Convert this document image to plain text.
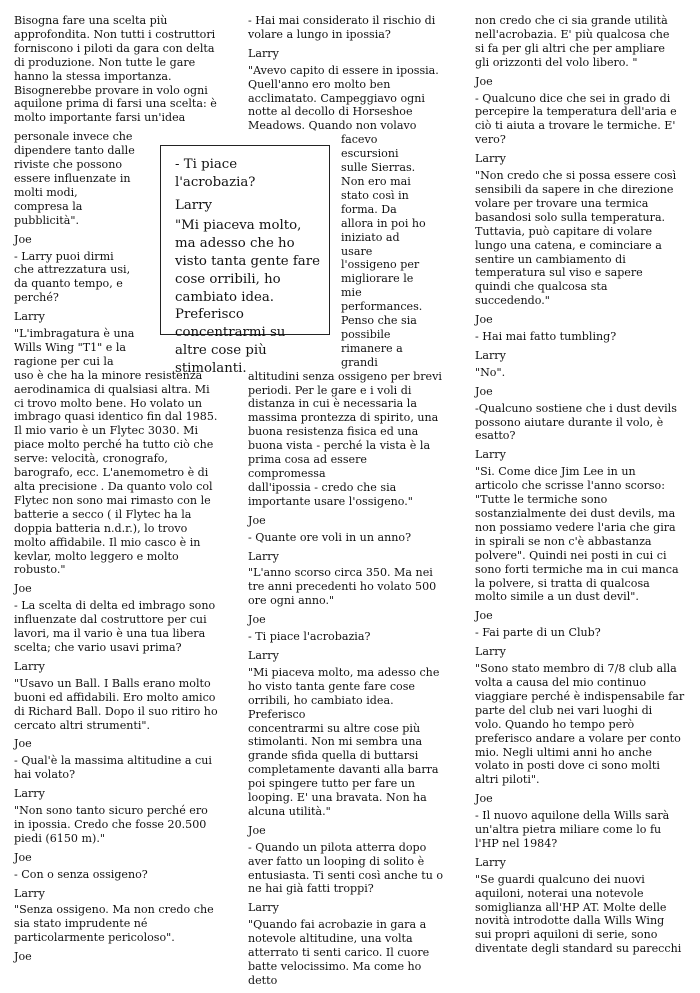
Bisogna fare una scelta più
approfondita. Non tutti i costruttori
forniscono i piloti da gara con delta
di produzione. Non tutte le gare
hanno la stessa importanza.
Bisognerebbe provare in volo ogni
aquilone prima di farsi una scelta: è
molto importante farsi un'idea
personale invece che
dipendere tanto dalle
riviste che possono
essere influenzate in
molti modi,
compresa la
pubblicità".
Joe
- Larry puoi dirmi
che attrezzatura usi,
da quanto tempo, e
perché?
Larry
"L'imbragatura è una
Wills Wing "T1" e la
ragione per cui la
uso è che ha la minore resistenza
aerodinamica di qualsiasi altra. Mi
ci trovo molto bene. Ho volato un
imbrago quasi identico fin dal 1985.
Il mio vario è un Flytec 3030. Mi
piace molto perché ha tutto ciò che
serve: velocità, cronografo,
barografo, ecc. L'anemometro è di
alta precisione . Da quanto volo col
Flytec non sono mai rimasto con le
batterie a secco ( il Flytec ha la
doppia batteria n.d.r.), lo trovo
molto affidabile. Il mio casco è in
kevlar, molto leggero e molto
robusto."
Joe
- La scelta di delta ed imbrago sono
influenzate dal costruttore per cui
lavori, ma il vario è una tua libera
scelta; che vario usavi prima?
Larry
"Usavo un Ball. I Balls erano molto
buoni ed affidabili. Ero molto amico
di Richard Ball. Dopo il suo ritiro ho
cercato altri strumenti".
Joe
- Qual'è la massima altitudine a cui
hai volato?
Larry
"Non sono tanto sicuro perché ero
in ipossia. Credo che fosse 20.500
piedi (6150 m)."
Joe
- Con o senza ossigeno?
Larry
"Senza ossigeno. Ma non credo che
sia stato imprudente né
particolarmente pericoloso".
Joe
- Hai mai considerato il rischio di
volare a lungo in ipossia?
Larry
"Avevo capito di essere in ipossia.
Quell'anno ero molto ben
acclimatato. Campeggiavo ogni
notte al decollo di Horseshoe
Meadows. Quando non volavo
facevo
escursioni
sulle Sierras.
Non ero mai
stato così in
forma. Da
allora in poi ho
iniziato ad
usare
l'ossigeno per
migliorare le
mie
performances.
Penso che sia
possibile
rimanere a
grandi
altitudini senza ossigeno per brevi
periodi. Per le gare e i voli di
distanza in cui è necessaria la
massima prontezza di spirito, una
buona resistenza fisica ed una
buona vista - perché la vista è la
prima cosa ad essere compromessa
dall'ipossia - credo che sia
importante usare l'ossigeno."
Joe
- Quante ore voli in un anno?
Larry
"L'anno scorso circa 350. Ma nei
tre anni precedenti ho volato 500
ore ogni anno."
Joe
- Ti piace l'acrobazia?
Larry
"Mi piaceva molto, ma adesso che
ho visto tanta gente fare cose
orribili, ho cambiato idea. Preferisco
concentrarmi su altre cose più
stimolanti. Non mi sembra una
grande sfida quella di buttarsi
completamente davanti alla barra
poi spingere tutto per fare un
looping. E' una bravata. Non ha
alcuna utilità."
Joe
- Quando un pilota atterra dopo
aver fatto un looping di solito è
entusiasta. Ti senti così anche tu o
ne hai già fatti troppi?
Larry
"Quando fai acrobazie in gara a
notevole altitudine, una volta
atterrato ti senti carico. Il cuore
batte velocissimo. Ma come ho detto
non credo che ci sia grande utilità
nell'acrobazia. E' più qualcosa che
si fa per gli altri che per ampliare
gli orizzonti del volo libero. "
Joe
- Qualcuno dice che sei in grado di
percepire la temperatura dell'aria e
ciò ti aiuta a trovare le termiche. E'
vero?
Larry
"Non credo che si possa essere così
sensibili da sapere in che direzione
volare per trovare una termica
basandosi solo sulla temperatura.
Tuttavia, può capitare di volare
lungo una catena, e cominciare a
sentire un cambiamento di
temperatura sul viso e sapere
quindi che qualcosa sta
succedendo."
Joe
- Hai mai fatto tumbling?
Larry
"No".
Joe
-Qualcuno sostiene che i dust devils
possono aiutare durante il volo, è
esatto?
Larry
"Si. Come dice Jim Lee in un
articolo che scrisse l'anno scorso:
"Tutte le termiche sono
sostanzialmente dei dust devils, ma
non possiamo vedere l'aria che gira
in spirali se non c'è abbastanza
polvere". Quindi nei posti in cui ci
sono forti termiche ma in cui manca
la polvere, si tratta di qualcosa
molto simile a un dust devil".
Joe
- Fai parte di un Club?
Larry
"Sono stato membro di 7/8 club alla
volta a causa del mio continuo
viaggiare perché è indispensabile far
parte del club nei vari luoghi di
volo. Quando ho tempo però
preferisco andare a volare per conto
mio. Negli ultimi anni ho anche
volato in posti dove ci sono molti
altri piloti".
Joe
- Il nuovo aquilone della Wills sarà
un'altra pietra miliare come lo fu
l'HP nel 1984?
Larry
"Se guardi qualcuno dei nuovi
aquiloni, noterai una notevole
somiglianza all'HP AT. Molte delle
novità introdotte dalla Wills Wing
sui propri aquiloni di serie, sono
diventate degli standard su parecchi
- Ti piace l'acrobazia?
Larry
"Mi piaceva molto, ma adesso che ho visto tanta gente fare cose orribili, ho cambiato idea. Preferisco concentrarmi su altre cose più stimolanti.
